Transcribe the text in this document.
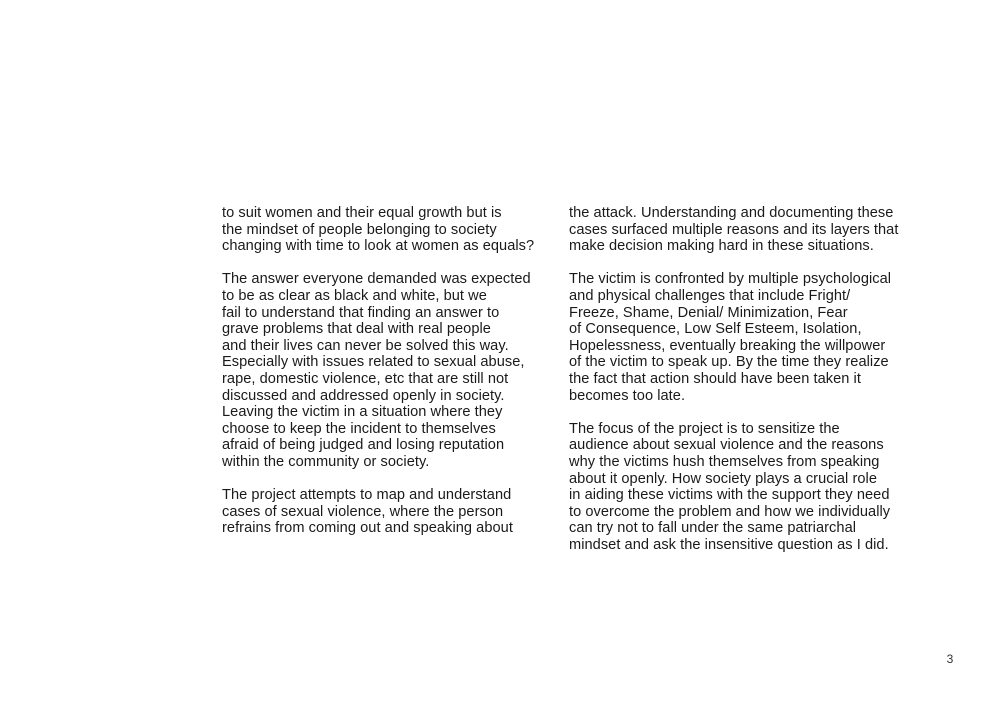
to suit women and their equal growth but is
the mindset of people belonging to society
changing with time to look at women as equals?

The answer everyone demanded was expected
to be as clear as black and white, but we
fail to understand that finding an answer to
grave problems that deal with real people
and their lives can never be solved this way.
Especially with issues related to sexual abuse,
rape, domestic violence, etc that are still not
discussed and addressed openly in society.
Leaving the victim in a situation where they
choose to keep the incident to themselves
afraid of being judged and losing reputation
within the community or society.

The project attempts to map and understand
cases of sexual violence, where the person
refrains from coming out and speaking about

the attack. Understanding and documenting these
cases surfaced multiple reasons and its layers that
make decision making hard in these situations.

The victim is confronted by multiple psychological
and physical challenges that include Fright/
Freeze, Shame, Denial/ Minimization, Fear
of Consequence, Low Self Esteem, Isolation,
Hopelessness, eventually breaking the willpower
of the victim to speak up. By the time they realize
the fact that action should have been taken it
becomes too late.

The focus of the project is to sensitize the
audience about sexual violence and the reasons
why the victims hush themselves from speaking
about it openly. How society plays a crucial role
in aiding these victims with the support they need
to overcome the problem and how we individually
can try not to fall under the same patriarchal
mindset and ask the insensitive question as I did.

3
